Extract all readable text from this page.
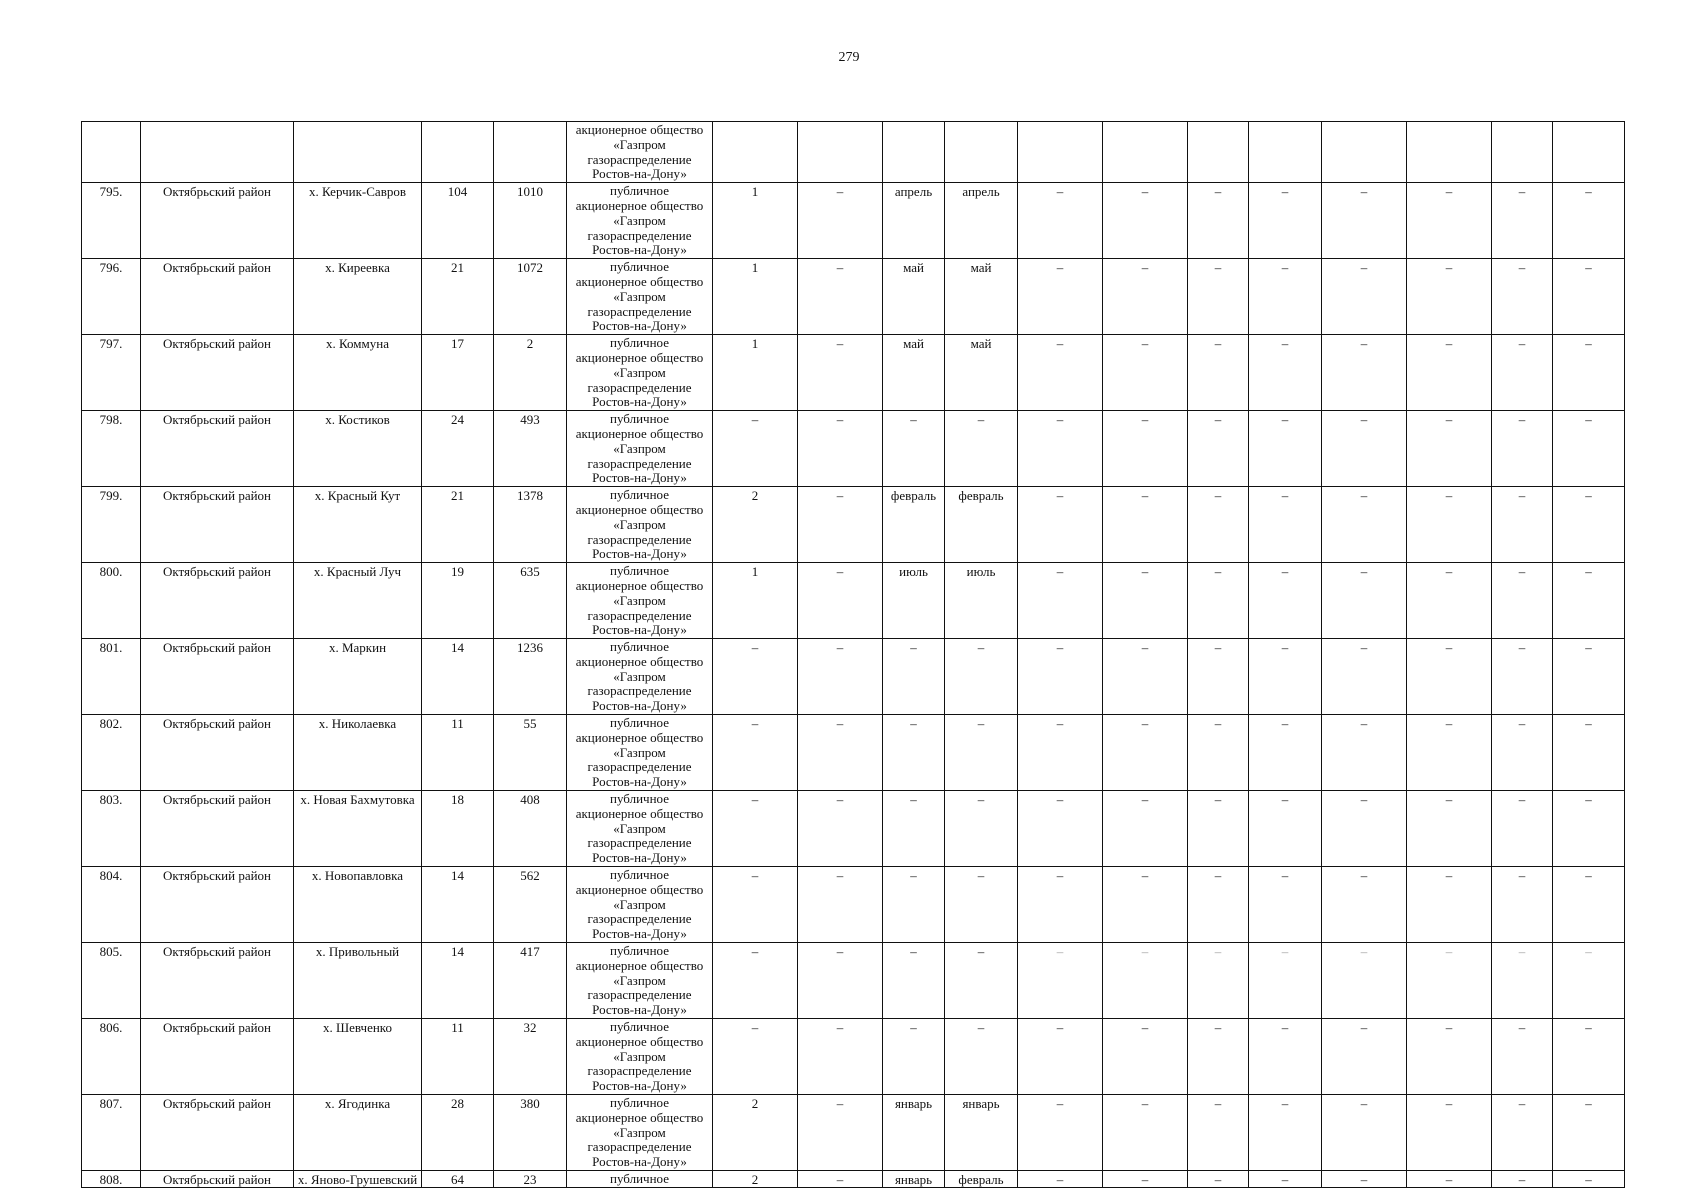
279
					акционерное общество «Газпром газораспределение Ростов-на-Дону»												
795.	Октябрьский район	х. Керчик-Савров	104	1010	публичное акционерное общество «Газпром газораспределение Ростов-на-Дону»	1	–	апрель	апрель	–	–	–	–	–	–	–	–
796.	Октябрьский район	х. Киреевка	21	1072	публичное акционерное общество «Газпром газораспределение Ростов-на-Дону»	1	–	май	май	–	–	–	–	–	–	–	–
797.	Октябрьский район	х. Коммуна	17	2	публичное акционерное общество «Газпром газораспределение Ростов-на-Дону»	1	–	май	май	–	–	–	–	–	–	–	–
798.	Октябрьский район	х. Костиков	24	493	публичное акционерное общество «Газпром газораспределение Ростов-на-Дону»	–	–	–	–	–	–	–	–	–	–	–	–
799.	Октябрьский район	х. Красный Кут	21	1378	публичное акционерное общество «Газпром газораспределение Ростов-на-Дону»	2	–	февраль	февраль	–	–	–	–	–	–	–	–
800.	Октябрьский район	х. Красный Луч	19	635	публичное акционерное общество «Газпром газораспределение Ростов-на-Дону»	1	–	июль	июль	–	–	–	–	–	–	–	–
801.	Октябрьский район	х. Маркин	14	1236	публичное акционерное общество «Газпром газораспределение Ростов-на-Дону»	–	–	–	–	–	–	–	–	–	–	–	–
802.	Октябрьский район	х. Николаевка	11	55	публичное акционерное общество «Газпром газораспределение Ростов-на-Дону»	–	–	–	–	–	–	–	–	–	–	–	–
803.	Октябрьский район	х. Новая Бахмутовка	18	408	публичное акционерное общество «Газпром газораспределение Ростов-на-Дону»	–	–	–	–	–	–	–	–	–	–	–	–
804.	Октябрьский район	х. Новопавловка	14	562	публичное акционерное общество «Газпром газораспределение Ростов-на-Дону»	–	–	–	–	–	–	–	–	–	–	–	–
805.	Октябрьский район	х. Привольный	14	417	публичное акционерное общество «Газпром газораспределение Ростов-на-Дону»	–	–	–	–	–	–	–	–	–	–	–	–
806.	Октябрьский район	х. Шевченко	11	32	публичное акционерное общество «Газпром газораспределение Ростов-на-Дону»	–	–	–	–	–	–	–	–	–	–	–	–
807.	Октябрьский район	х. Ягодинка	28	380	публичное акционерное общество «Газпром газораспределение Ростов-на-Дону»	2	–	январь	январь	–	–	–	–	–	–	–	–
808.	Октябрьский район	х. Яново-Грушевский	64	23	публичное	2	–	январь	февраль	–	–	–	–	–	–	–	–
